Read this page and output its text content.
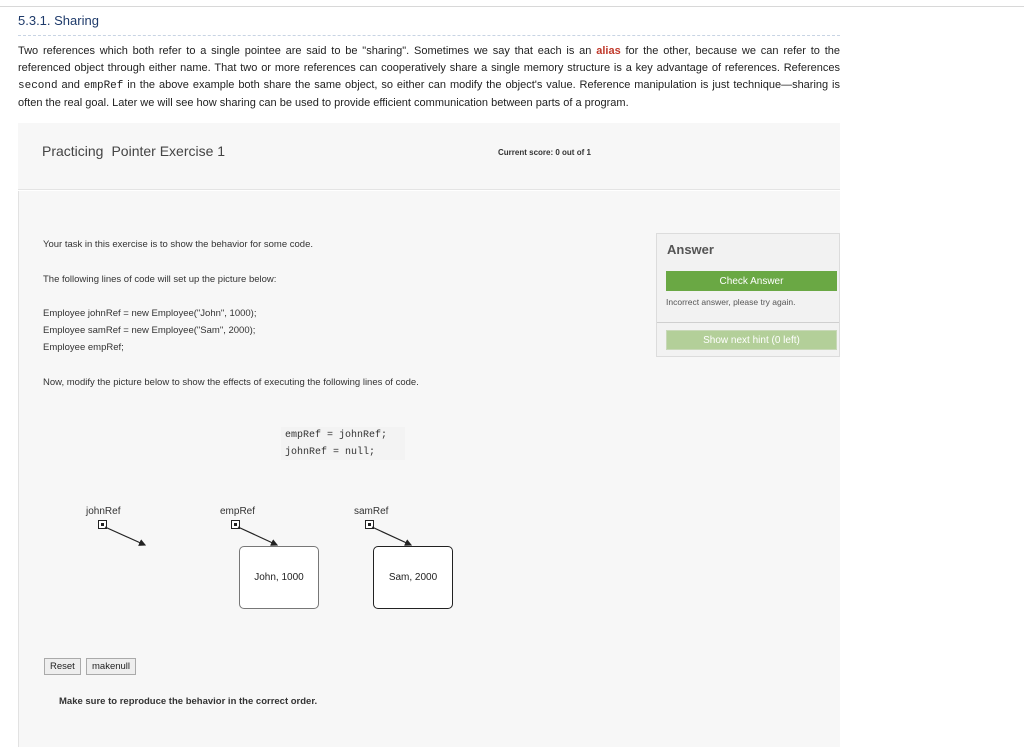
5.3.1. Sharing

Two references which both refer to a single pointee are said to be "sharing". Sometimes we say that each is an alias for the other, because we can refer to the referenced object through either name. That two or more references can cooperatively share a single memory structure is a key advantage of references. References second and empRef in the above example both share the same object, so either can modify the object's value. Reference manipulation is just technique—sharing is often the real goal. Later we will see how sharing can be used to provide efficient communication between parts of a program.

Practicing Pointer Exercise 1	Current score: 0 out of 1
Your task in this exercise is to show the behavior for some code.
The following lines of code will set up the picture below:
Employee johnRef = new Employee("John", 1000);
Employee samRef = new Employee("Sam", 2000);
Employee empRef;
Now, modify the picture below to show the effects of executing the following lines of code.
empRef = johnRef;
johnRef = null;
johnRef	empRef	samRef
John, 1000	Sam, 2000
Reset	makenull
Make sure to reproduce the behavior in the correct order.
Answer
Check Answer
Incorrect answer, please try again.
Show next hint (0 left)
